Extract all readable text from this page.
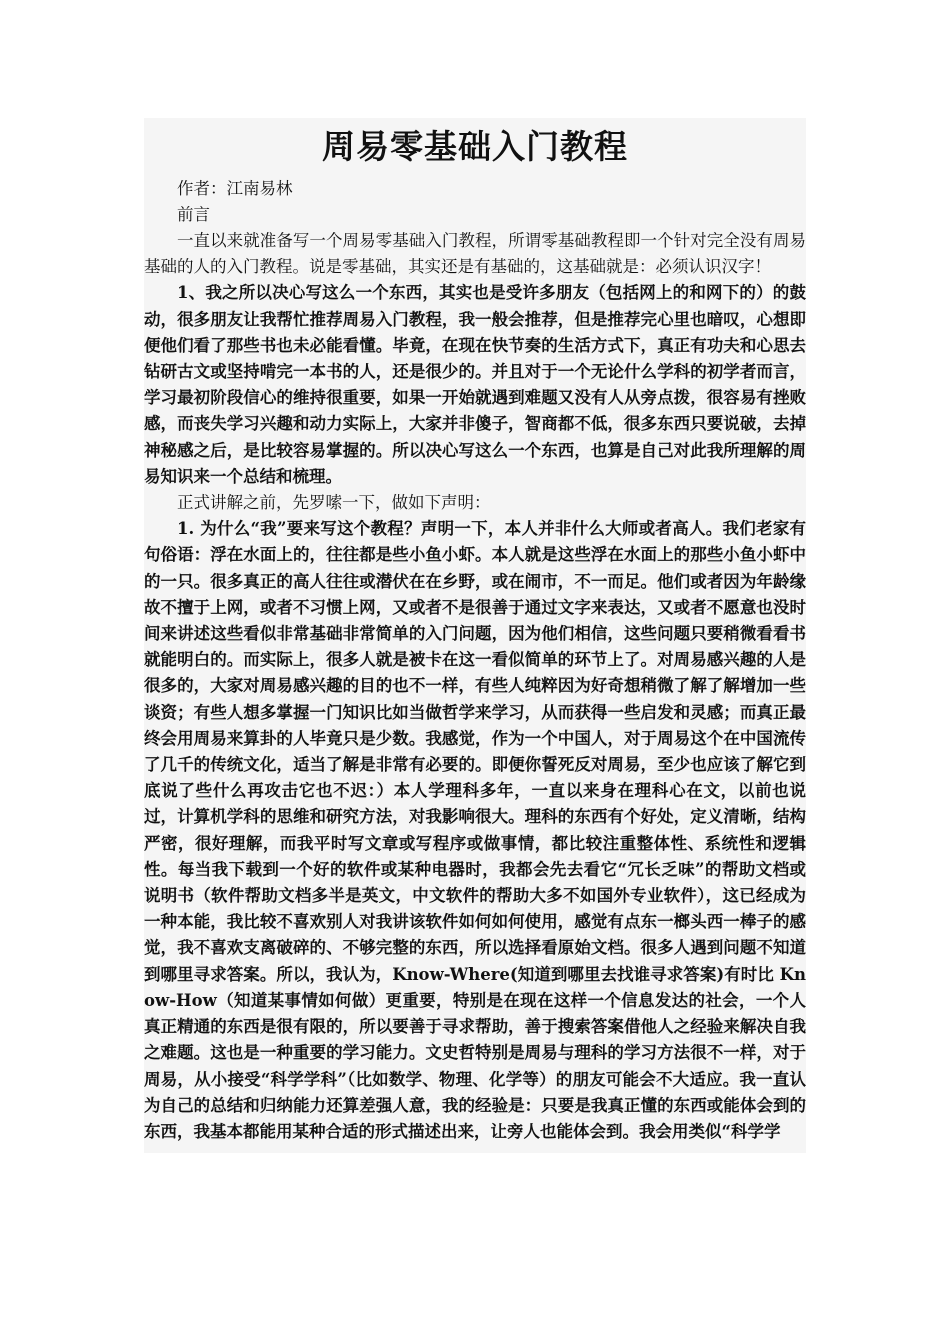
周易零基础入门教程

作者：江南易林

前言

一直以来就准备写一个周易零基础入门教程，所谓零基础教程即一个针对完全没有周易基础的人的入门教程。说是零基础，其实还是有基础的，这基础就是：必须认识汉字！

1、我之所以决心写这么一个东西，其实也是受许多朋友（包括网上的和网下的）的鼓动，很多朋友让我帮忙推荐周易入门教程，我一般会推荐，但是推荐完心里也暗叹，心想即便他们看了那些书也未必能看懂。毕竟，在现在快节奏的生活方式下，真正有功夫和心思去钻研古文或坚持啃完一本书的人，还是很少的。并且对于一个无论什么学科的初学者而言，学习最初阶段信心的维持很重要，如果一开始就遇到难题又没有人从旁点拨，很容易有挫败感，而丧失学习兴趣和动力实际上，大家并非傻子，智商都不低，很多东西只要说破，去掉神秘感之后，是比较容易掌握的。所以决心写这么一个东西，也算是自己对此我所理解的周易知识来一个总结和梳理。

正式讲解之前，先罗嗦一下，做如下声明：

1. 为什么“我”要来写这个教程？声明一下，本人并非什么大师或者高人。我们老家有句俗语：浮在水面上的，往往都是些小鱼小虾。本人就是这些浮在水面上的那些小鱼小虾中的一只。很多真正的高人往往或潜伏在在乡野，或在闹市，不一而足。他们或者因为年龄缘故不擅于上网，或者不习惯上网，又或者不是很善于通过文字来表达，又或者不愿意也没时间来讲述这些看似非常基础非常简单的入门问题，因为他们相信，这些问题只要稍微看看书就能明白的。而实际上，很多人就是被卡在这一看似简单的环节上了。对周易感兴趣的人是很多的，大家对周易感兴趣的目的也不一样，有些人纯粹因为好奇想稍微了解了解增加一些谈资；有些人想多掌握一门知识比如当做哲学来学习，从而获得一些启发和灵感；而真正最终会用周易来算卦的人毕竟只是少数。我感觉，作为一个中国人，对于周易这个在中国流传了几千的传统文化，适当了解是非常有必要的。即便你誓死反对周易，至少也应该了解它到底说了些什么再攻击它也不迟：）本人学理科多年，一直以来身在理科心在文，以前也说过，计算机学科的思维和研究方法，对我影响很大。理科的东西有个好处，定义清晰，结构严密，很好理解，而我平时写文章或写程序或做事情，都比较注重整体性、系统性和逻辑性。每当我下载到一个好的软件或某种电器时，我都会先去看它“冗长乏味”的帮助文档或说明书（软件帮助文档多半是英文，中文软件的帮助大多不如国外专业软件），这已经成为一种本能，我比较不喜欢别人对我讲该软件如何如何使用，感觉有点东一榔头西一棒子的感觉，我不喜欢支离破碎的、不够完整的东西，所以选择看原始文档。很多人遇到问题不知道到哪里寻求答案。所以，我认为，Know-Where(知道到哪里去找谁寻求答案)有时比 Know-How（知道某事情如何做）更重要，特别是在现在这样一个信息发达的社会，一个人真正精通的东西是很有限的，所以要善于寻求帮助，善于搜索答案借他人之经验来解决自我之难题。这也是一种重要的学习能力。文史哲特别是周易与理科的学习方法很不一样，对于周易，从小接受“科学学科”（比如数学、物理、化学等）的朋友可能会不大适应。我一直认为自己的总结和归纳能力还算差强人意，我的经验是：只要是我真正懂的东西或能体会到的东西，我基本都能用某种合适的形式描述出来，让旁人也能体会到。我会用类似“科学学
